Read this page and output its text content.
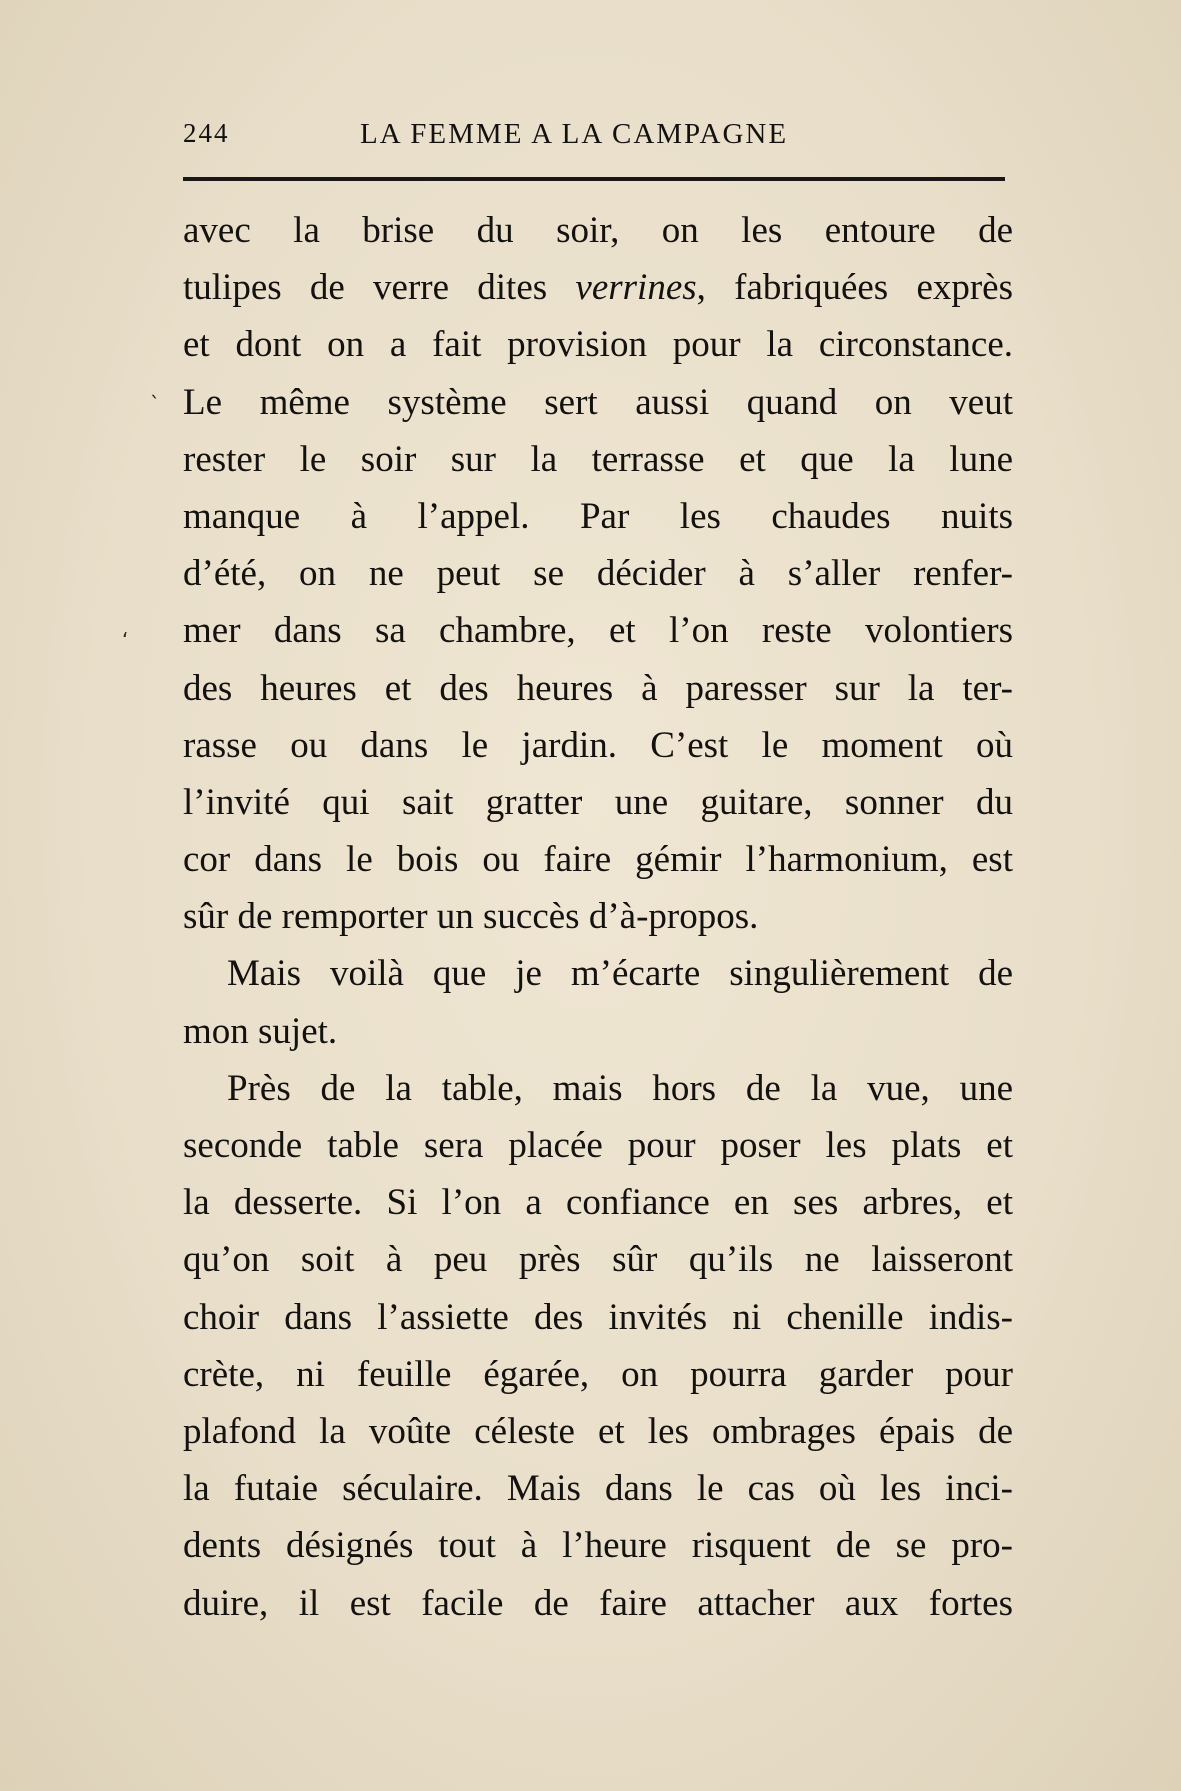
244	LA FEMME A LA CAMPAGNE
ˋ
‘
avec la brise du soir, on les entoure de
tulipes de verre dites verrines, fabriquées exprès
et dont on a fait provision pour la circonstance.
Le même système sert aussi quand on veut
rester le soir sur la terrasse et que la lune
manque à l’appel. Par les chaudes nuits
d’été, on ne peut se décider à s’aller renfer-
mer dans sa chambre, et l’on reste volontiers
des heures et des heures à paresser sur la ter-
rasse ou dans le jardin. C’est le moment où
l’invité qui sait gratter une guitare, sonner du
cor dans le bois ou faire gémir l’harmonium, est
sûr de remporter un succès d’à-propos.
Mais voilà que je m’écarte singulièrement de
mon sujet.
Près de la table, mais hors de la vue, une
seconde table sera placée pour poser les plats et
la desserte. Si l’on a confiance en ses arbres, et
qu’on soit à peu près sûr qu’ils ne laisseront
choir dans l’assiette des invités ni chenille indis-
crète, ni feuille égarée, on pourra garder pour
plafond la voûte céleste et les ombrages épais de
la futaie séculaire. Mais dans le cas où les inci-
dents désignés tout à l’heure risquent de se pro-
duire, il est facile de faire attacher aux fortes
